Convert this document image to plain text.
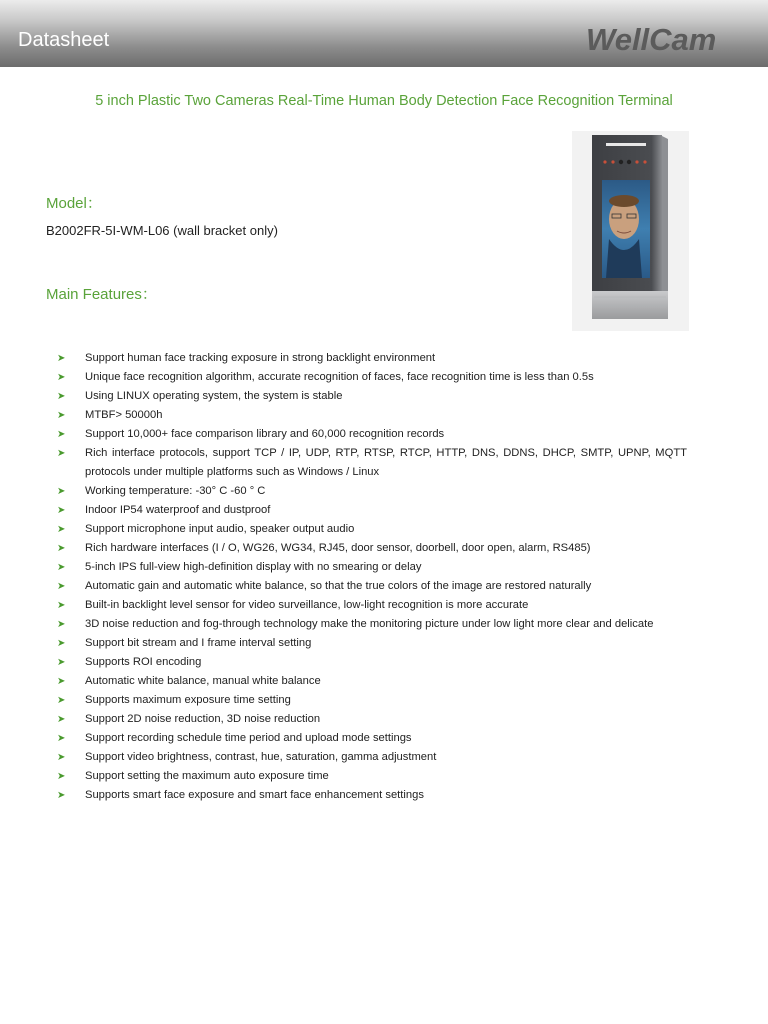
Datasheet	WellCam
5 inch Plastic Two Cameras Real-Time Human Body Detection Face Recognition Terminal
Model：
B2002FR-5I-WM-L06 (wall bracket only)
Main Features：
➤ Support human face tracking exposure in strong backlight environment
➤ Unique face recognition algorithm, accurate recognition of faces, face recognition time is less than 0.5s
➤ Using LINUX operating system, the system is stable
➤ MTBF> 50000h
➤ Support 10,000+ face comparison library and 60,000 recognition records
➤ Rich interface protocols, support TCP / IP, UDP, RTP, RTSP, RTCP, HTTP, DNS, DDNS, DHCP, SMTP, UPNP, MQTT protocols under multiple platforms such as Windows / Linux
➤ Working temperature: -30° C -60 ° C
➤ Indoor IP54 waterproof and dustproof
➤ Support microphone input audio, speaker output audio
➤ Rich hardware interfaces (I / O, WG26, WG34, RJ45, door sensor, doorbell, door open, alarm, RS485)
➤ 5-inch IPS full-view high-definition display with no smearing or delay
➤ Automatic gain and automatic white balance, so that the true colors of the image are restored naturally
➤ Built-in backlight level sensor for video surveillance, low-light recognition is more accurate
➤ 3D noise reduction and fog-through technology make the monitoring picture under low light more clear and delicate
➤ Support bit stream and I frame interval setting
➤ Supports ROI encoding
➤ Automatic white balance, manual white balance
➤ Supports maximum exposure time setting
➤ Support 2D noise reduction, 3D noise reduction
➤ Support recording schedule time period and upload mode settings
➤ Support video brightness, contrast, hue, saturation, gamma adjustment
➤ Support setting the maximum auto exposure time
➤ Supports smart face exposure and smart face enhancement settings
